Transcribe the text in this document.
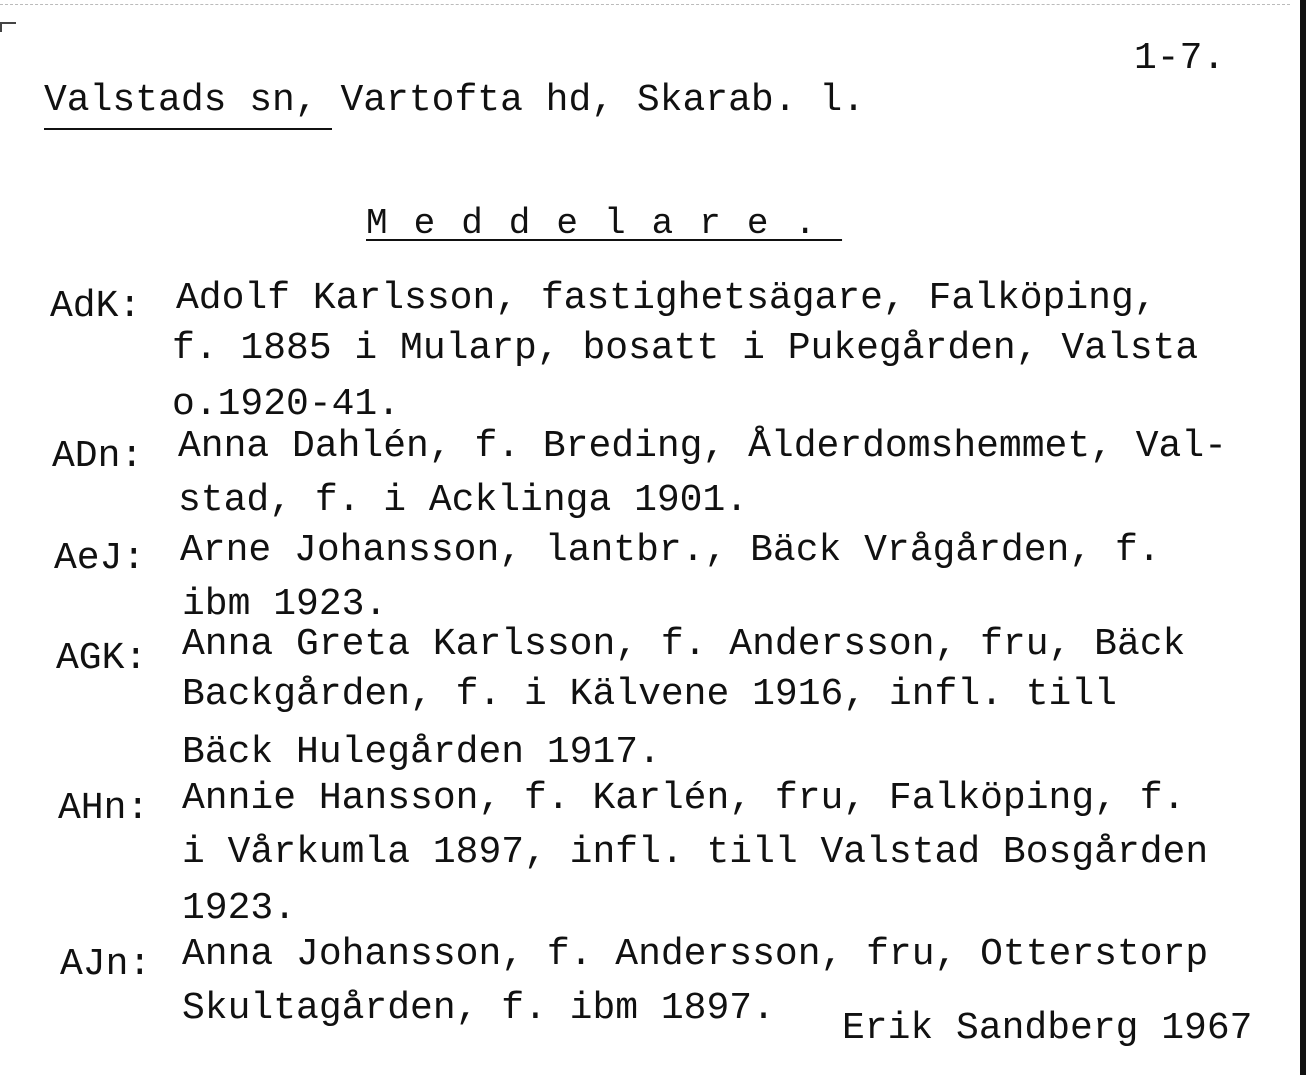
1-7.
Valstads sn, Vartofta hd, Skarab. l.
Meddelare.
AdK: Adolf Karlsson, fastighetsägare, Falköping,
f. 1885 i Mularp, bosatt i Pukegården, Valsta
o.1920-41.
ADn: Anna Dahlén, f. Breding, Ålderdomshemmet, Val-
stad, f. i Acklinga 1901.
AeJ: Arne Johansson, lantbr., Bäck Vrågården, f.
ibm 1923.
AGK: Anna Greta Karlsson, f. Andersson, fru, Bäck
Backgården, f. i Kälvene 1916, infl. till
Bäck Hulegården 1917.
AHn: Annie Hansson, f. Karlén, fru, Falköping, f.
i Vårkumla 1897, infl. till Valstad Bosgården
1923.
AJn: Anna Johansson, f. Andersson, fru, Otterstorp
Skultagården, f. ibm 1897. Erik Sandberg 1967
